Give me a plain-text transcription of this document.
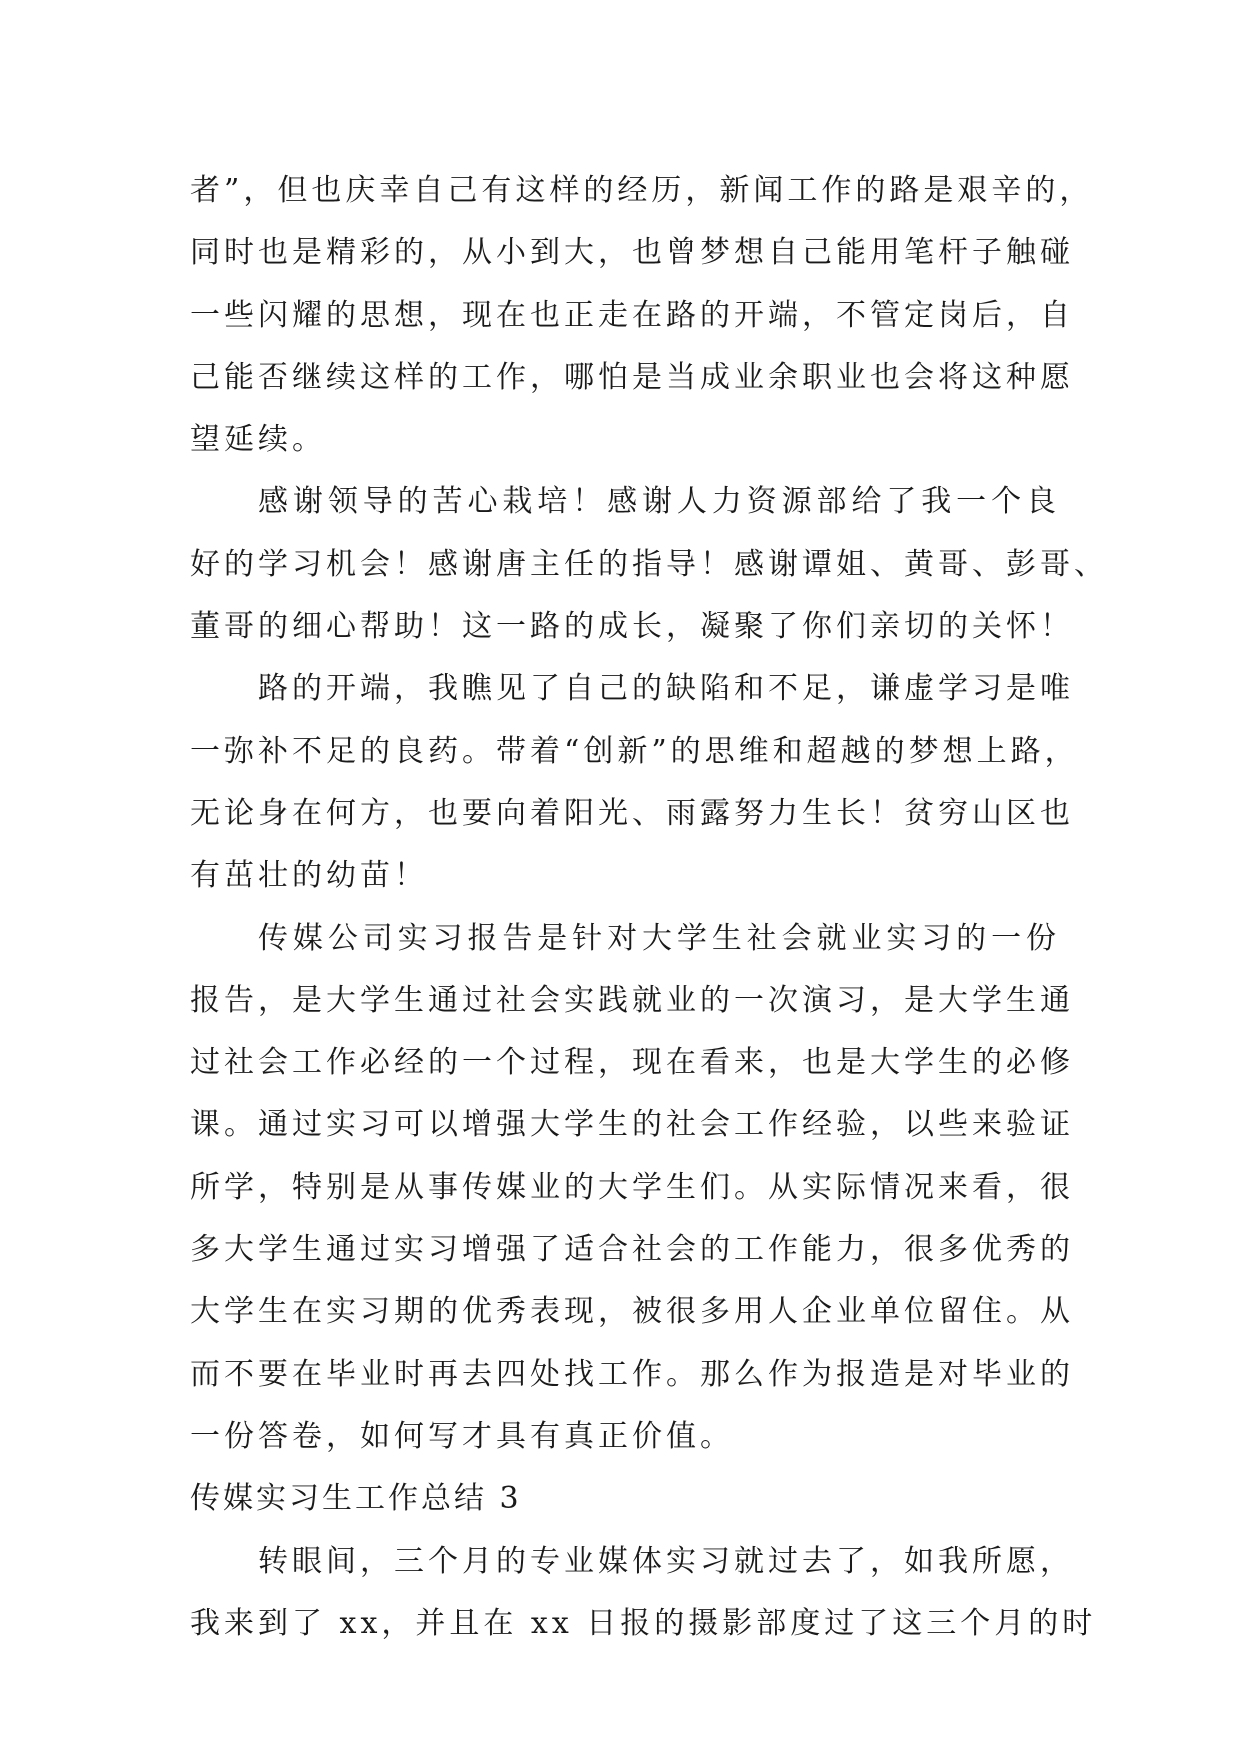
者”，但也庆幸自己有这样的经历，新闻工作的路是艰辛的，
同时也是精彩的，从小到大，也曾梦想自己能用笔杆子触碰
一些闪耀的思想，现在也正走在路的开端，不管定岗后，自
己能否继续这样的工作，哪怕是当成业余职业也会将这种愿
望延续。
感谢领导的苦心栽培！感谢人力资源部给了我一个良
好的学习机会！感谢唐主任的指导！感谢谭姐、黄哥、彭哥、
董哥的细心帮助！这一路的成长，凝聚了你们亲切的关怀！
路的开端，我瞧见了自己的缺陷和不足，谦虚学习是唯
一弥补不足的良药。带着“创新”的思维和超越的梦想上路，
无论身在何方，也要向着阳光、雨露努力生长！贫穷山区也
有茁壮的幼苗！
传媒公司实习报告是针对大学生社会就业实习的一份
报告，是大学生通过社会实践就业的一次演习，是大学生通
过社会工作必经的一个过程，现在看来，也是大学生的必修
课。通过实习可以增强大学生的社会工作经验，以些来验证
所学，特别是从事传媒业的大学生们。从实际情况来看，很
多大学生通过实习增强了适合社会的工作能力，很多优秀的
大学生在实习期的优秀表现，被很多用人企业单位留住。从
而不要在毕业时再去四处找工作。那么作为报造是对毕业的
一份答卷，如何写才具有真正价值。
传媒实习生工作总结 3
转眼间，三个月的专业媒体实习就过去了，如我所愿，
我来到了 xx，并且在 xx 日报的摄影部度过了这三个月的时
